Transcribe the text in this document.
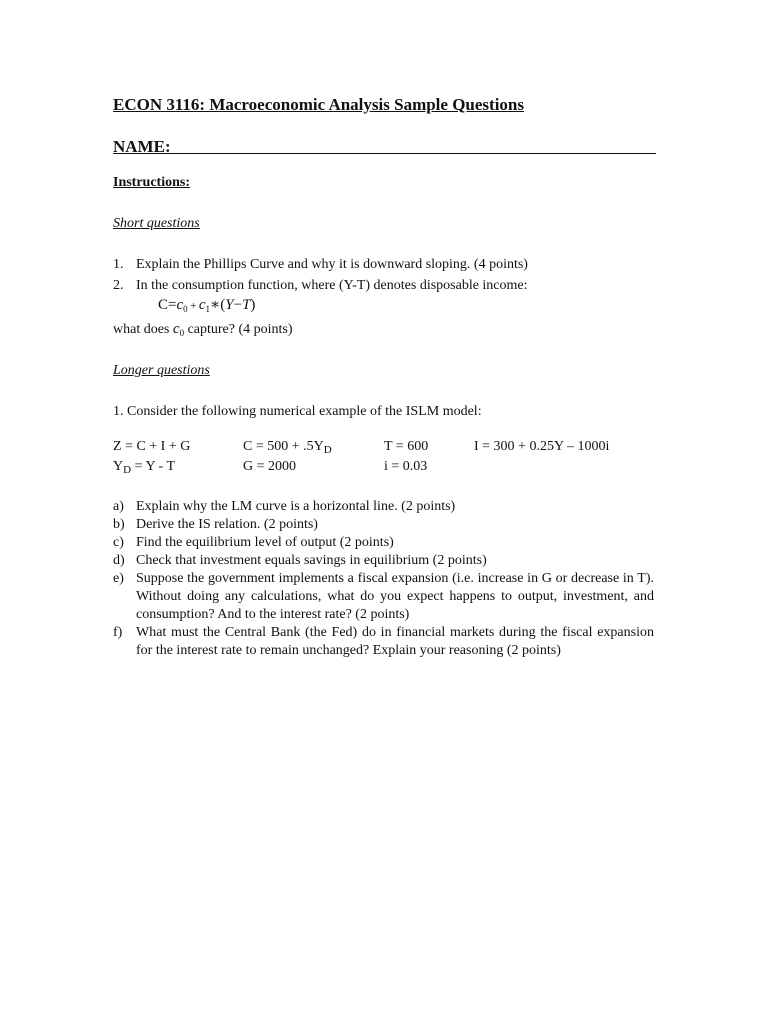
ECON 3116: Macroeconomic Analysis Sample Questions
NAME:
Instructions:
Short questions
1. Explain the Phillips Curve and why it is downward sloping. (4 points)
2. In the consumption function, where (Y-T) denotes disposable income:
$C=c_0$ + $c_1∗(Y-T)$
what does $c_0$ capture? (4 points)
Longer questions
1. Consider the following numerical example of the ISLM model:
Z = C + I + G	$C = 500 + .5Y_D$	T = 600	I = 300 + 0.25Y – 1000i
$Y_D = Y - T$	G = 2000	i = 0.03
a) Explain why the LM curve is a horizontal line. (2 points)
b) Derive the IS relation. (2 points)
c) Find the equilibrium level of output (2 points)
d) Check that investment equals savings in equilibrium (2 points)
e) Suppose the government implements a fiscal expansion (i.e. increase in G or decrease in T). Without doing any calculations, what do you expect happens to output, investment, and consumption? And to the interest rate? (2 points)
f) What must the Central Bank (the Fed) do in financial markets during the fiscal expansion for the interest rate to remain unchanged? Explain your reasoning (2 points)
